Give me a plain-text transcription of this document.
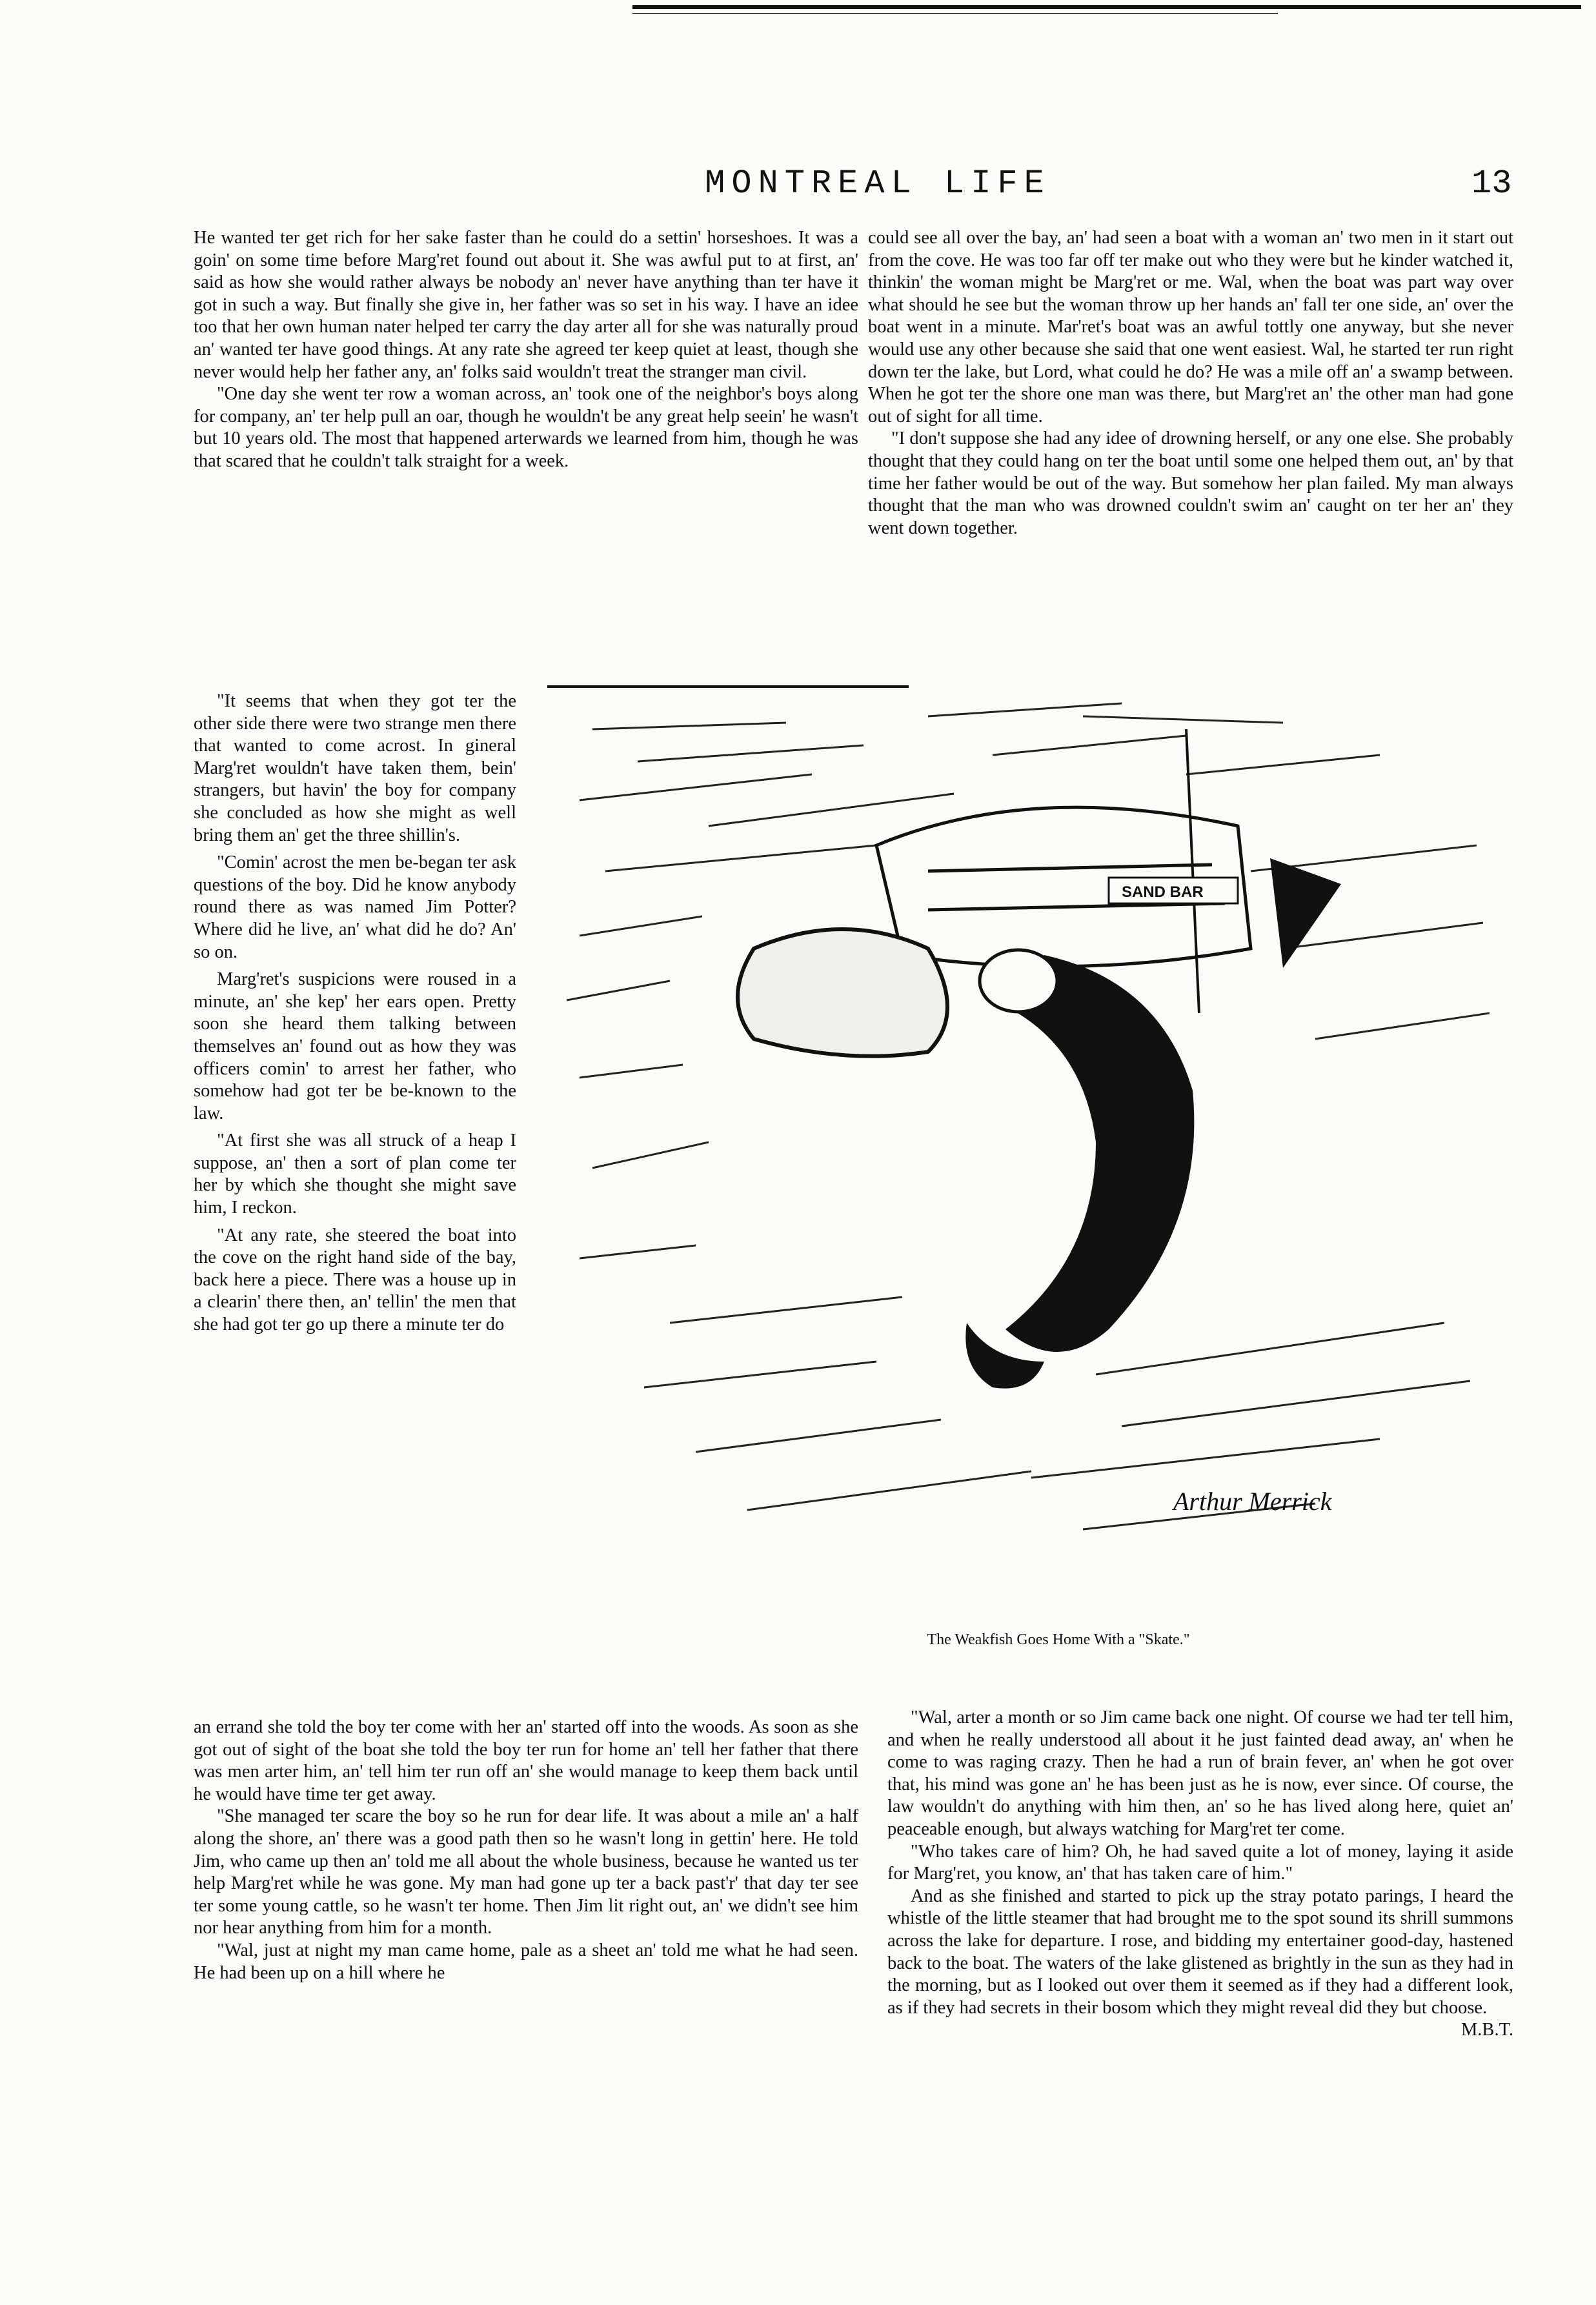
MONTREAL LIFE	13

He wanted ter get rich for her sake faster than he could do a settin' horseshoes. It was a goin' on some time before Marg'ret found out about it. She was awful put to at first, an' said as how she would rather always be nobody an' never have anything than ter have it got in such a way. But finally she give in, her father was so set in his way. I have an idee too that her own human nater helped ter carry the day arter all for she was naturally proud an' wanted ter have good things. At any rate she agreed ter keep quiet at least, though she never would help her father any, an' folks said wouldn't treat the stranger man civil.

"One day she went ter row a woman across, an' took one of the neighbor's boys along for company, an' ter help pull an oar, though he wouldn't be any great help seein' he wasn't but 10 years old. The most that happened arterwards we learned from him, though he was that scared that he couldn't talk straight for a week.

"It seems that when they got ter the other side there were two strange men there that wanted to come acrost. In gineral Marg'ret wouldn't have taken them, bein' strangers, but havin' the boy for company she concluded as how she might as well bring them an' get the three shillin's.

"Comin' acrost the men be-began ter ask questions of the boy. Did he know anybody round there as was named Jim Potter? Where did he live, an' what did he do? An' so on.

Marg'ret's suspicions were roused in a minute, an' she kep' her ears open. Pretty soon she heard them talking between themselves an' found out as how they was officers comin' to arrest her father, who somehow had got ter be be-known to the law.

"At first she was all struck of a heap I suppose, an' then a sort of plan come ter her by which she thought she might save him, I reckon.

"At any rate, she steered the boat into the cove on the right hand side of the bay, back here a piece. There was a house up in a clearin' there then, an' tellin' the men that she had got ter go up there a minute ter do

an errand she told the boy ter come with her an' started off into the woods. As soon as she got out of sight of the boat she told the boy ter run for home an' tell her father that there was men arter him, an' tell him ter run off an' she would manage to keep them back until he would have time ter get away.

"She managed ter scare the boy so he run for dear life. It was about a mile an' a half along the shore, an' there was a good path then so he wasn't long in gettin' here. He told Jim, who came up then an' told me all about the whole business, because he wanted us ter help Marg'ret while he was gone. My man had gone up ter a back past'r' that day ter see ter some young cattle, so he wasn't ter home. Then Jim lit right out, an' we didn't see him nor hear anything from him for a month.

"Wal, just at night my man came home, pale as a sheet an' told me what he had seen. He had been up on a hill where he

could see all over the bay, an' had seen a boat with a woman an' two men in it start out from the cove. He was too far off ter make out who they were but he kinder watched it, thinkin' the woman might be Marg'ret or me. Wal, when the boat was part way over what should he see but the woman throw up her hands an' fall ter one side, an' over the boat went in a minute. Mar'ret's boat was an awful tottly one anyway, but she never would use any other because she said that one went easiest. Wal, he started ter run right down ter the lake, but Lord, what could he do? He was a mile off an' a swamp between. When he got ter the shore one man was there, but Marg'ret an' the other man had gone out of sight for all time.

"I don't suppose she had any idee of drowning herself, or any one else. She probably thought that they could hang on ter the boat until some one helped them out, an' by that time her father would be out of the way. But somehow her plan failed. My man always thought that the man who was drowned couldn't swim an' caught on ter her an' they went down together.

SAND BAR
Arthur Merrick
The Weakfish Goes Home With a "Skate."

"Wal, arter a month or so Jim came back one night. Of course we had ter tell him, and when he really understood all about it he just fainted dead away, an' when he come to was raging crazy. Then he had a run of brain fever, an' when he got over that, his mind was gone an' he has been just as he is now, ever since. Of course, the law wouldn't do anything with him then, an' so he has lived along here, quiet an' peaceable enough, but always watching for Marg'ret ter come.

"Who takes care of him? Oh, he had saved quite a lot of money, laying it aside for Marg'ret, you know, an' that has taken care of him."

And as she finished and started to pick up the stray potato parings, I heard the whistle of the little steamer that had brought me to the spot sound its shrill summons across the lake for departure. I rose, and bidding my entertainer good-day, hastened back to the boat. The waters of the lake glistened as brightly in the sun as they had in the morning, but as I looked out over them it seemed as if they had a different look, as if they had secrets in their bosom which they might reveal did they but choose.

M.B.T.
